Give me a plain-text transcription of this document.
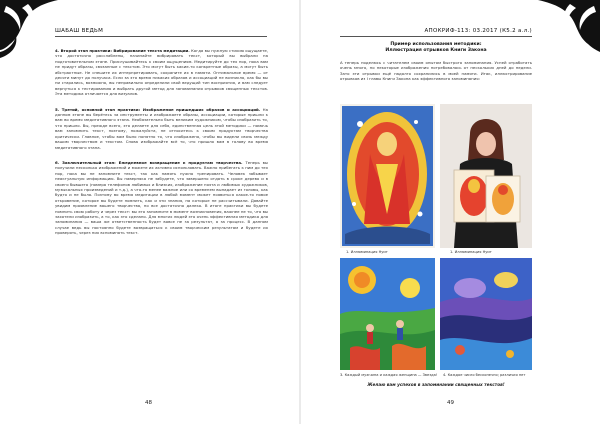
ШАБАШ ВЕДЬМ

4. Второй этап практики: Вибрирование текста медитации. Когда вы нужную стихию ощущаете, что достаточно расслаблены, начинайте вибрировать текст, который вы выбрали на подготовительном этапе. Прислушивайтесь к своим ощущениям. Медитируйте до тех пор, пока вам не придут образы, связанные с текстом. Это могут быть какие-то конкретные образы, а могут быть абстрактные. Не спешите их интерпретировать, сохраните их в памяти. Оптимальное время — от десяти минут до получаса. Если за это время никаких образов и ассоциаций не возникло, как бы вы ни старались, возможно, вы неправильно определили свой ведущий тип восприятия, и вам следует вернуться к тестированию и выбрать другой метод для запоминания отрывков священных текстов. Эта методика отличается для визуалов.

5. Третий, основной этап практики: Изображение пришедших образов и ассоциаций. На данном этапе вы берётесь за инструменты и изображаете образы, ассоциации, которые пришли к вам во время медитативного этапа. Необязательно быть великим художником, чтобы изобразить то, что пришло. Вы, прежде всего, это делаете для себя, единственная цель этой методики — помочь вам запомнить текст, поэтому, пожалуйста, не относитесь к своим продуктам творчества критически. Главное, чтобы вам было понятно то, что изображено, чтобы вы видели связь между вашим творчеством и текстом. Снова изображайте всё то, что пришло вам в голову во время медитативного этапа.

6. Заключительный этап: Ежедневное возвращение к продуктам творчества. Теперь вы получили несколько изображений и можете их активно использовать. Важно прибегать к ним до тех пор, пока вы не запомните текст, так как память нужно тренировать. Человек забывает неактуальную информацию. Вы наверняка не забудете, что завершено отдать в сроке дерево и в своего бывшего (номера телефонов любимых и близких, изображение поэта и любимых художников, музыкальных произведений и т.д.), а что-то менее важное или со временем выпадает из головы, как будто и не было. Поэтому во время медитации в любой момент может появиться какое-то новое откровение, которое вы будете помнить, как и эти знания, на которые не рассчитывали. Давайте увидим проявление вашего творчества, но все достаточно далеко. В итоге практики вы будете помнить свою работу и через текст: вы его запомните в момент возникновения, важнее не то, что вы захотели изобразить, а то, как это сделано. Для многих людей это очень эффективная методика для запоминания — ваша же ответственность будет вовсе не за результат, а за процесс. В данном случае ведь вы постоянно будете возвращаться к своим творческим результатам и будете их проверять, через них вспоминать текст.

48
АПОКРИФ-113: 03.2017 (К5.2 а.л.)
Пример использования методики:
Иллюстрация отрывков Книги Закона
А теперь поделюсь с читателем своим опытом быстрого запоминания. Успей отработать очень много, но некоторые изображения потребовалось от нескольких дней до недели. Зато эти отрывки ещё надолго сохранились в моей памяти. Итак, иллюстрирование отрывков из I главы Книги Закона как эффективного запоминания:
1. Иллюминация Нуит	1. Иллюминация Нуит
3. Каждый мужчина и каждая женщина — Звезда! 4. Каждое число бесконечно; различия нет
Желаю вам успехов в запоминании священных текстов!
49
